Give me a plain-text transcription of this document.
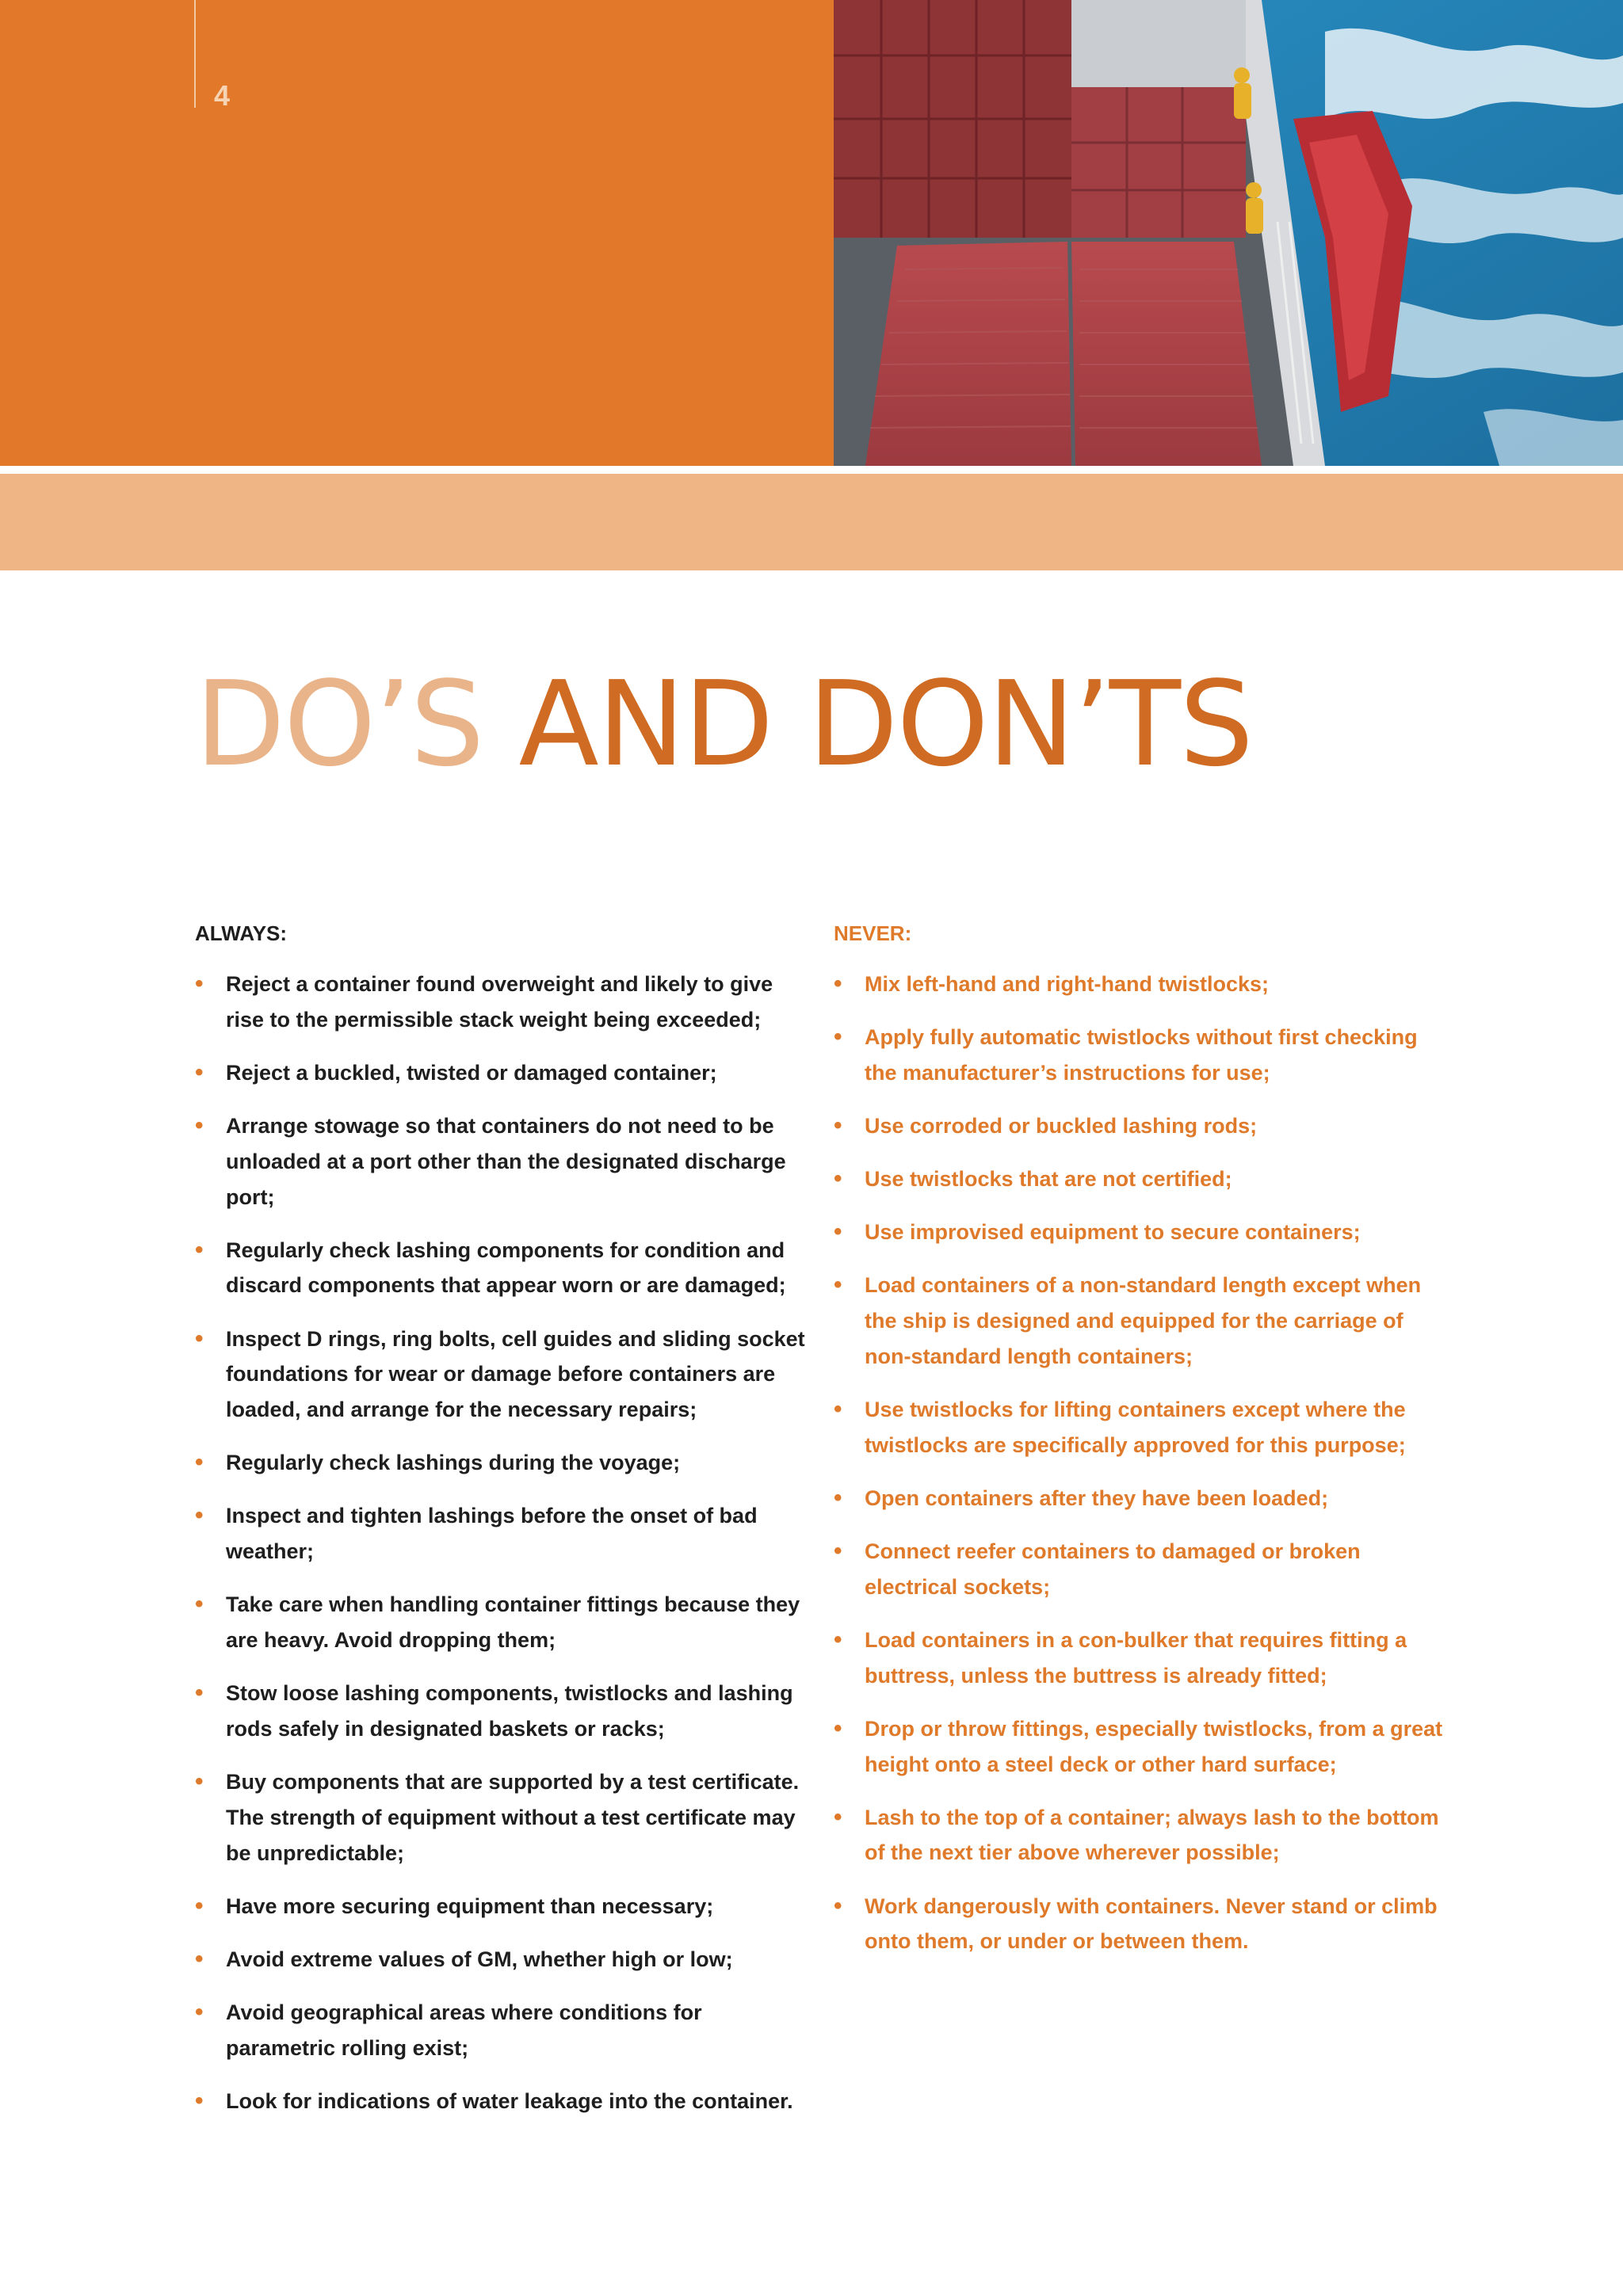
4
DO’S AND DON’TS
ALWAYS:
• Reject a container found overweight and likely to give rise to the permissible stack weight being exceeded;
• Reject a buckled, twisted or damaged container;
• Arrange stowage so that containers do not need to be unloaded at a port other than the designated discharge port;
• Regularly check lashing components for condition and discard components that appear worn or are damaged;
• Inspect D rings, ring bolts, cell guides and sliding socket foundations for wear or damage before containers are loaded, and arrange for the necessary repairs;
• Regularly check lashings during the voyage;
• Inspect and tighten lashings before the onset of bad weather;
• Take care when handling container fittings because they are heavy. Avoid dropping them;
• Stow loose lashing components, twistlocks and lashing rods safely in designated baskets or racks;
• Buy components that are supported by a test certificate. The strength of equipment without a test certificate may be unpredictable;
• Have more securing equipment than necessary;
• Avoid extreme values of GM, whether high or low;
• Avoid geographical areas where conditions for parametric rolling exist;
• Look for indications of water leakage into the container.
NEVER:
• Mix left-hand and right-hand twistlocks;
• Apply fully automatic twistlocks without first checking the manufacturer’s instructions for use;
• Use corroded or buckled lashing rods;
• Use twistlocks that are not certified;
• Use improvised equipment to secure containers;
• Load containers of a non-standard length except when the ship is designed and equipped for the carriage of non-standard length containers;
• Use twistlocks for lifting containers except where the twistlocks are specifically approved for this purpose;
• Open containers after they have been loaded;
• Connect reefer containers to damaged or broken electrical sockets;
• Load containers in a con-bulker that requires fitting a buttress, unless the buttress is already fitted;
• Drop or throw fittings, especially twistlocks, from a great height onto a steel deck or other hard surface;
• Lash to the top of a container; always lash to the bottom of the next tier above wherever possible;
• Work dangerously with containers. Never stand or climb onto them, or under or between them.
